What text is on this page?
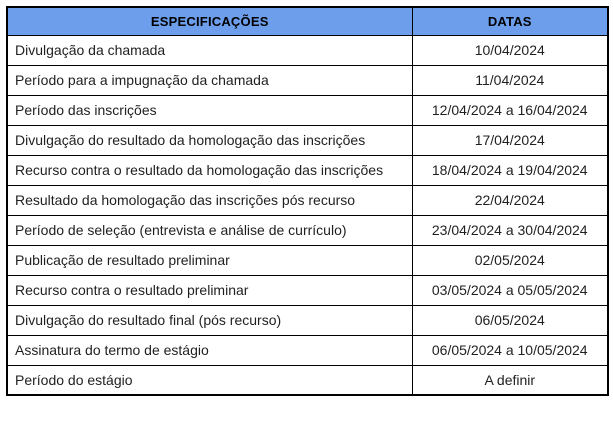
ESPECIFICAÇÕES	DATAS
Divulgação da chamada	10/04/2024
Período para a impugnação da chamada	11/04/2024
Período das inscrições	12/04/2024 a 16/04/2024
Divulgação do resultado da homologação das inscrições	17/04/2024
Recurso contra o resultado da homologação das inscrições	18/04/2024 a 19/04/2024
Resultado da homologação das inscrições pós recurso	22/04/2024
Período de seleção (entrevista e análise de currículo)	23/04/2024 a 30/04/2024
Publicação de resultado preliminar	02/05/2024
Recurso contra o resultado preliminar	03/05/2024 a 05/05/2024
Divulgação do resultado final (pós recurso)	06/05/2024
Assinatura do termo de estágio	06/05/2024 a 10/05/2024
Período do estágio	A definir
